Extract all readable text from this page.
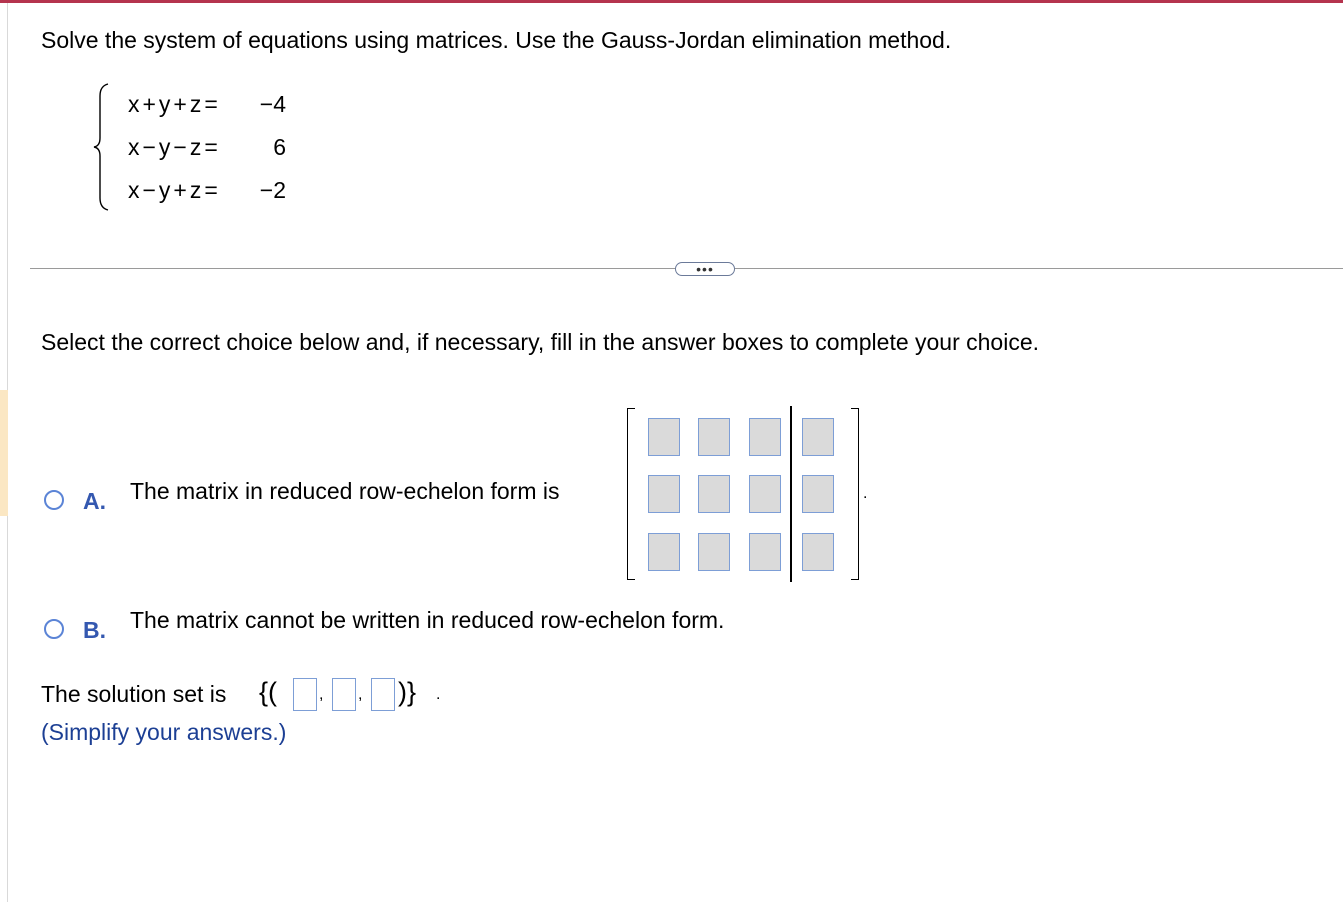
Solve the system of equations using matrices. Use the Gauss-Jordan elimination method.
x+y+z= −4
x−y−z=	6
x−y+z= −2
•••
Select the correct choice below and, if necessary, fill in the answer boxes to complete your choice.
A. The matrix in reduced row-echelon form is	.
B. The matrix cannot be written in reduced row-echelon form.
The solution set is {(	, , )} .
(Simplify your answers.)
